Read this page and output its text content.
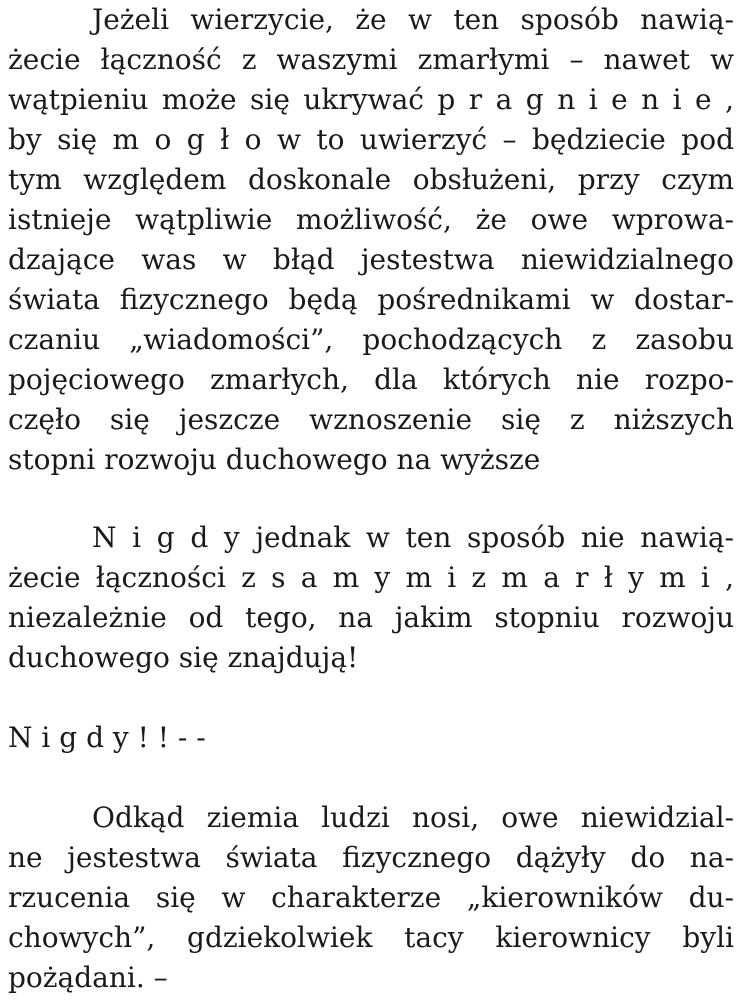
Jeżeli wierzycie, że w ten sposób nawią-
żecie łączność z waszymi zmarłymi – nawet w
wątpieniu może się ukrywać p r a g n i e n i e ,
by się m o g ł o w to uwierzyć – będziecie pod
tym względem doskonale obsłużeni, przy czym
istnieje wątpliwie możliwość, że owe wprowa-
dzające was w błąd jestestwa niewidzialnego
świata fizycznego będą pośrednikami w dostar-
czaniu „wiadomości”, pochodzących z zasobu
pojęciowego zmarłych, dla których nie rozpo-
częło się jeszcze wznoszenie się z niższych
stopni rozwoju duchowego na wyższe
N i g d y jednak w ten sposób nie nawią-
żecie łączności z s a m y m i z m a r ł y m i ,
niezależnie od tego, na jakim stopniu rozwoju
duchowego się znajdują!
N i g d y ! ! - -
Odkąd ziemia ludzi nosi, owe niewidzial-
ne jestestwa świata fizycznego dążyły do na-
rzucenia się w charakterze „kierowników du-
chowych”, gdziekolwiek tacy kierownicy byli
pożądani. –
